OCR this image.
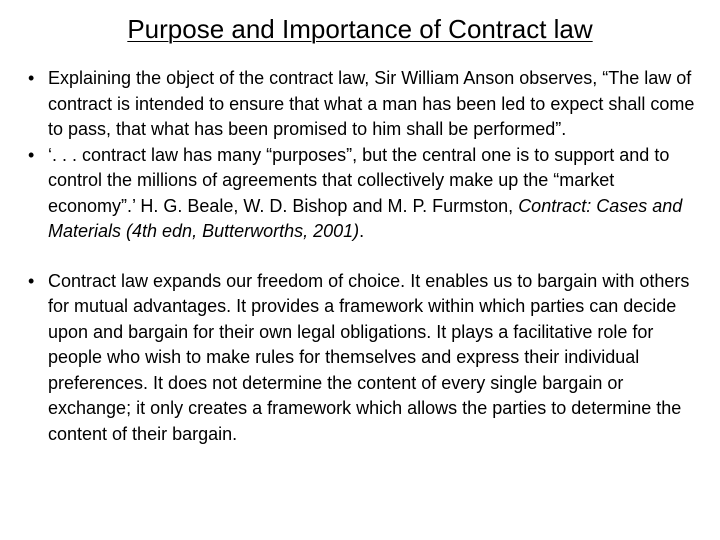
Purpose and Importance of Contract law
• Explaining the object of the contract law, Sir William Anson observes, “The law of contract is intended to ensure that what a man has been led to expect shall come to pass, that what has been promised to him shall be performed”.
• ‘. . . contract law has many “purposes”, but the central one is to support and to control the millions of agreements that collectively make up the “market economy”.’ H. G. Beale, W. D. Bishop and M. P. Furmston, Contract: Cases and Materials (4th edn, Butterworths, 2001).
• Contract law expands our freedom of choice. It enables us to bargain with others for mutual advantages. It provides a framework within which parties can decide upon and bargain for their own legal obligations. It plays a facilitative role for people who wish to make rules for themselves and express their individual preferences. It does not determine the content of every single bargain or exchange; it only creates a framework which allows the parties to determine the content of their bargain.
